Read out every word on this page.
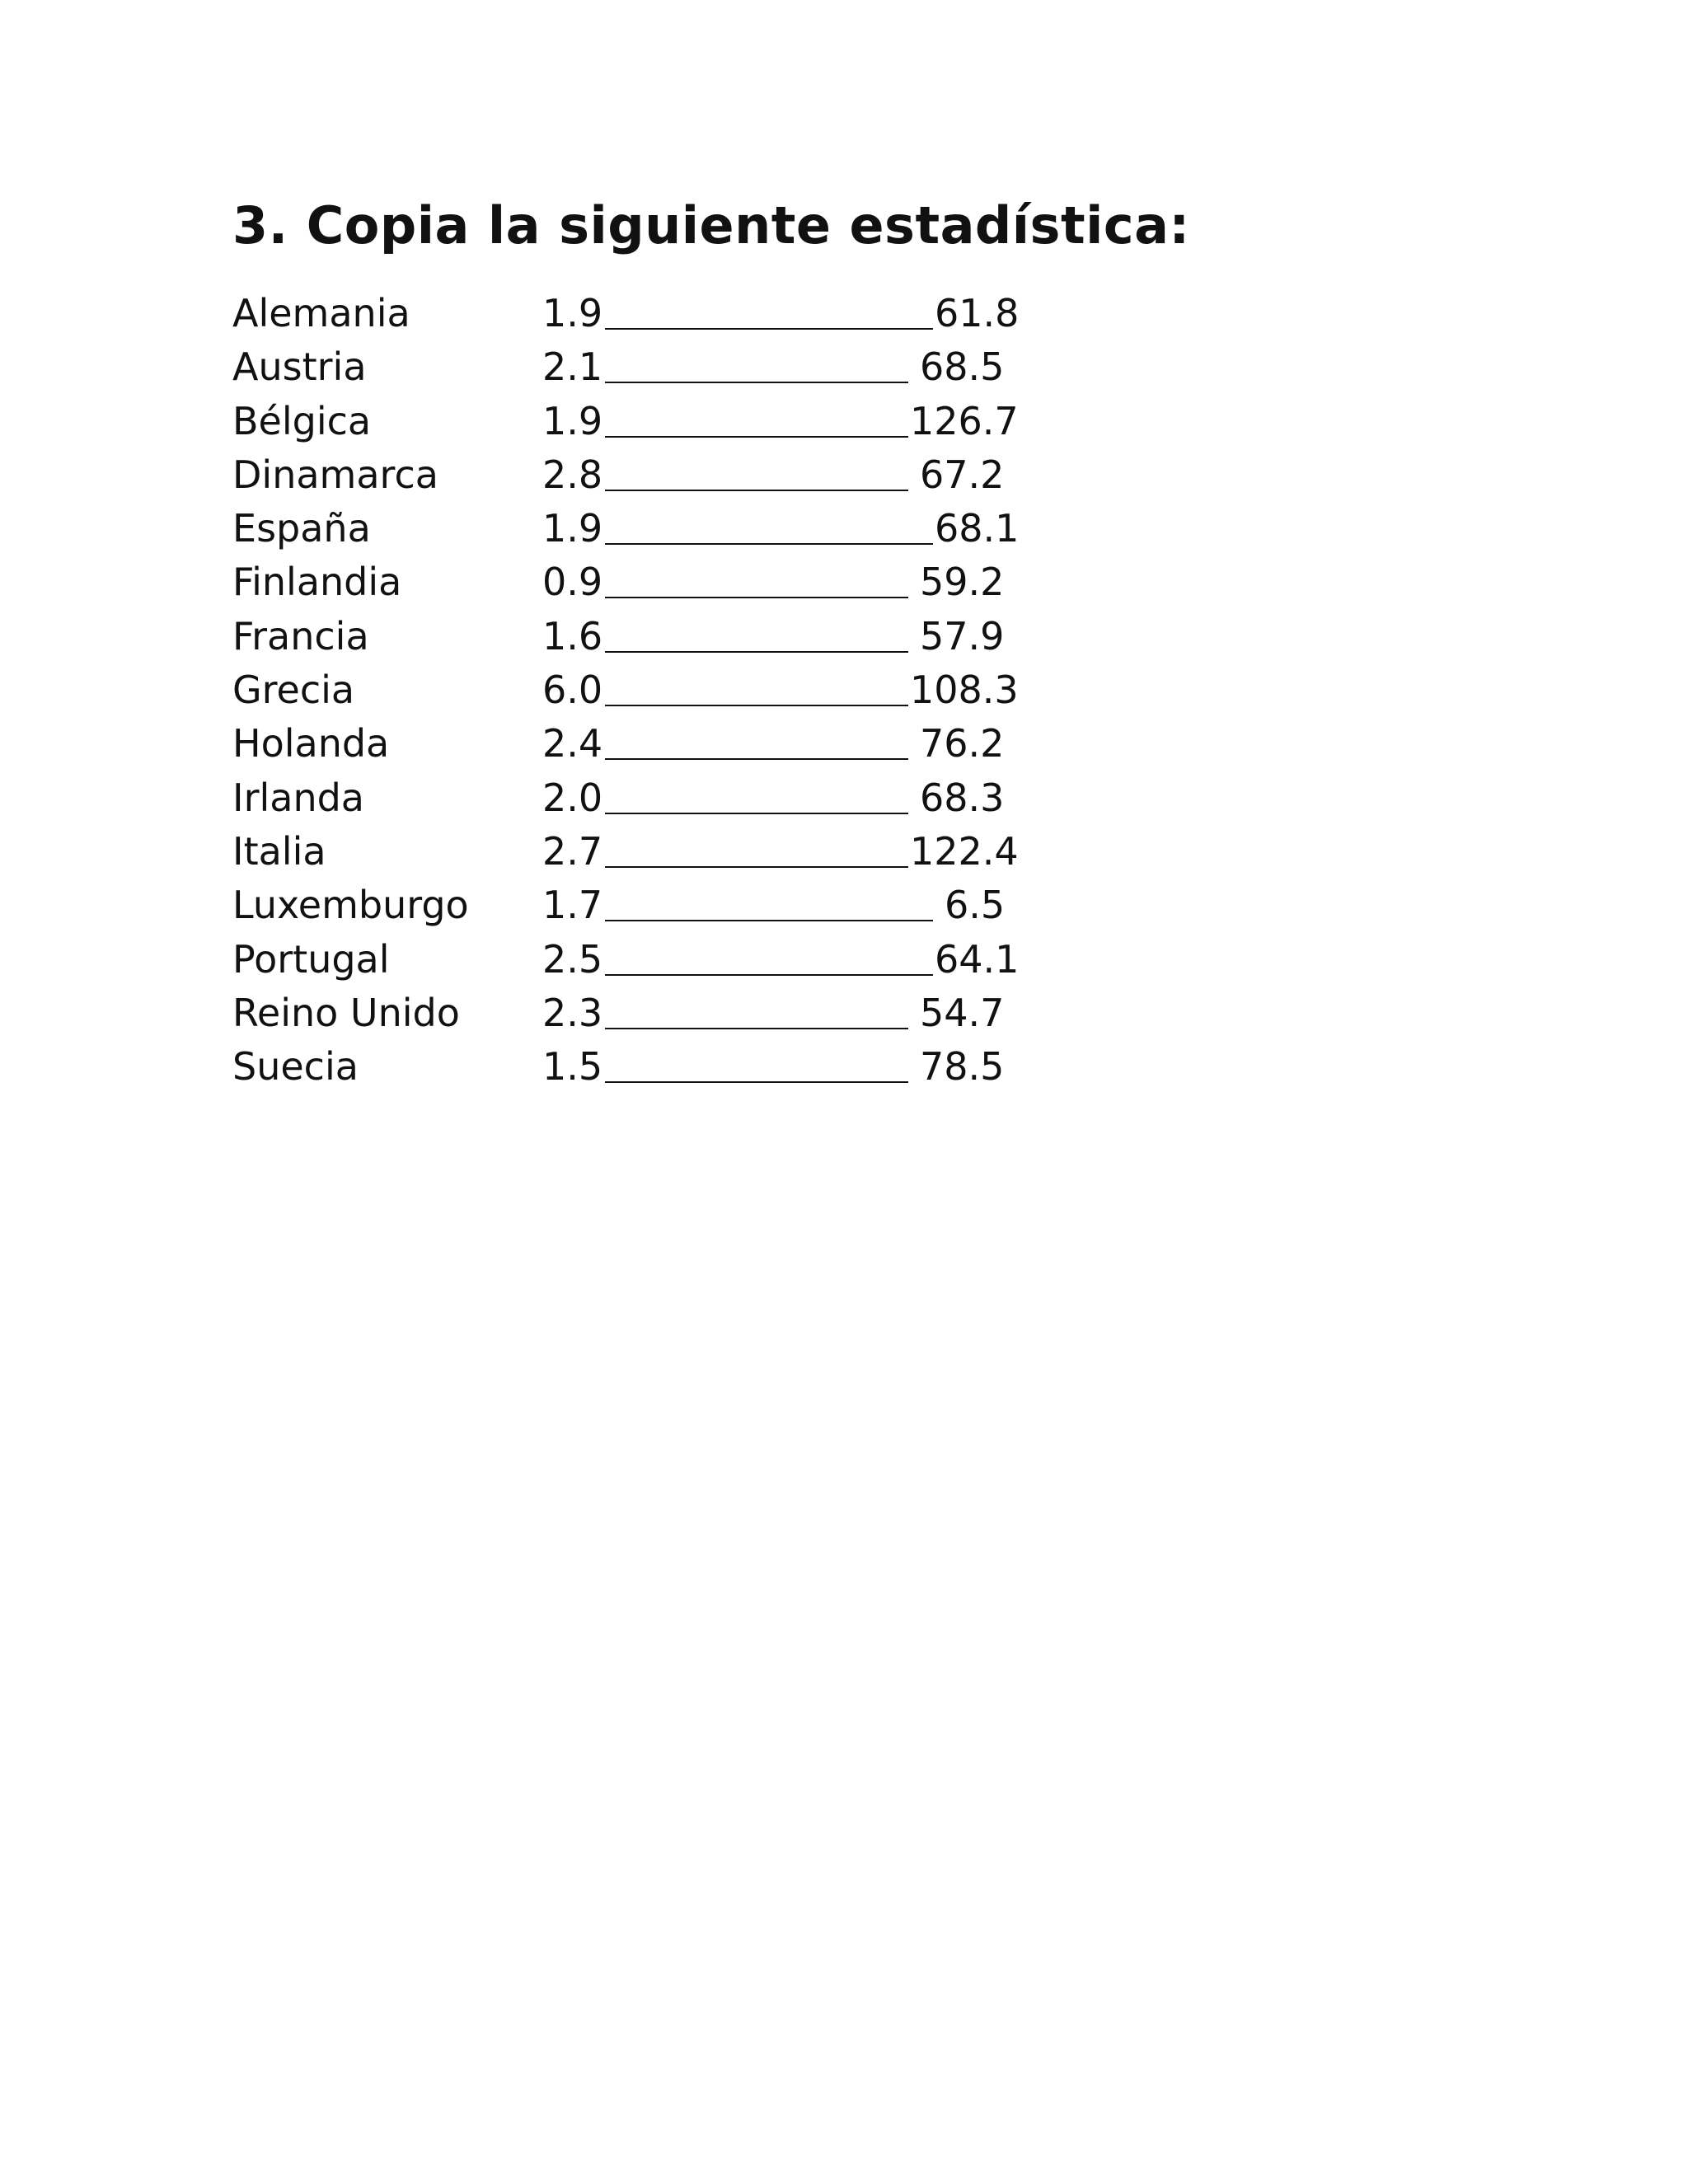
3. Copia la siguiente estadística:
Alemania	1.9	61.8
Austria	2.1	68.5
Bélgica	1.9	126.7
Dinamarca	2.8	67.2
España	1.9	68.1
Finlandia	0.9	59.2
Francia	1.6	57.9
Grecia	6.0	108.3
Holanda	2.4	76.2
Irlanda	2.0	68.3
Italia	2.7	122.4
Luxemburgo 1.7	6.5
Portugal	2.5	64.1
Reino Unido 2.3	54.7
Suecia	1.5	78.5
